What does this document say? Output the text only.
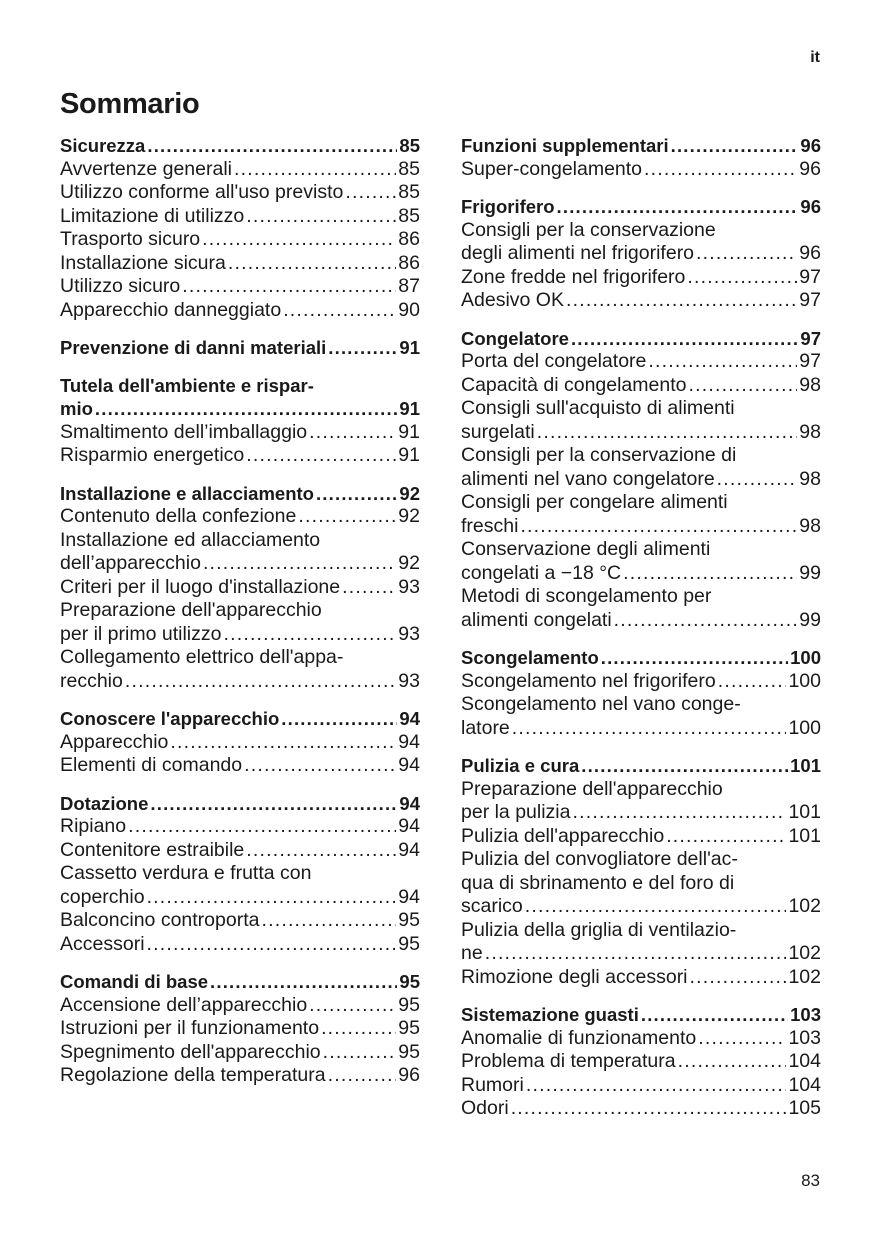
it
Sommario
Sicurezza .....	85
Avvertenze generali .....	85
Utilizzo conforme all'uso previsto .....	85
Limitazione di utilizzo .....	85
Trasporto sicuro .....	86
Installazione sicura .....	86
Utilizzo sicuro .....	87
Apparecchio danneggiato .....	90
Prevenzione di danni materiali .....	91
Tutela dell'ambiente e rispar-
mio .....	91
Smaltimento dell’imballaggio .....	91
Risparmio energetico .....	91
Installazione e allacciamento .....	92
Contenuto della confezione .....	92
Installazione ed allacciamento
dell’apparecchio .....	92
Criteri per il luogo d'installazione .....	93
Preparazione dell'apparecchio
per il primo utilizzo .....	93
Collegamento elettrico dell'appa-
recchio .....	93
Conoscere l'apparecchio .....	94
Apparecchio .....	94
Elementi di comando .....	94
Dotazione .....	94
Ripiano .....	94
Contenitore estraibile .....	94
Cassetto verdura e frutta con
coperchio .....	94
Balconcino controporta .....	95
Accessori .....	95
Comandi di base .....	95
Accensione dell’apparecchio .....	95
Istruzioni per il funzionamento .....	95
Spegnimento dell'apparecchio .....	95
Regolazione della temperatura .....	96
Funzioni supplementari .....	96
Super-congelamento .....	96
Frigorifero .....	96
Consigli per la conservazione
degli alimenti nel frigorifero .....	96
Zone fredde nel frigorifero .....	97
Adesivo OK .....	97
Congelatore .....	97
Porta del congelatore .....	97
Capacità di congelamento .....	98
Consigli sull'acquisto di alimenti
surgelati .....	98
Consigli per la conservazione di
alimenti nel vano congelatore .....	98
Consigli per congelare alimenti
freschi .....	98
Conservazione degli alimenti
congelati a −18 °C .....	99
Metodi di scongelamento per
alimenti congelati .....	99
Scongelamento .....	100
Scongelamento nel frigorifero .....	100
Scongelamento nel vano conge-
latore .....	100
Pulizia e cura .....	101
Preparazione dell'apparecchio
per la pulizia .....	101
Pulizia dell'apparecchio .....	101
Pulizia del convogliatore dell'ac-
qua di sbrinamento e del foro di
scarico .....	102
Pulizia della griglia di ventilazio-
ne .....	102
Rimozione degli accessori .....	102
Sistemazione guasti .....	103
Anomalie di funzionamento .....	103
Problema di temperatura .....	104
Rumori .....	104
Odori .....	105
83
